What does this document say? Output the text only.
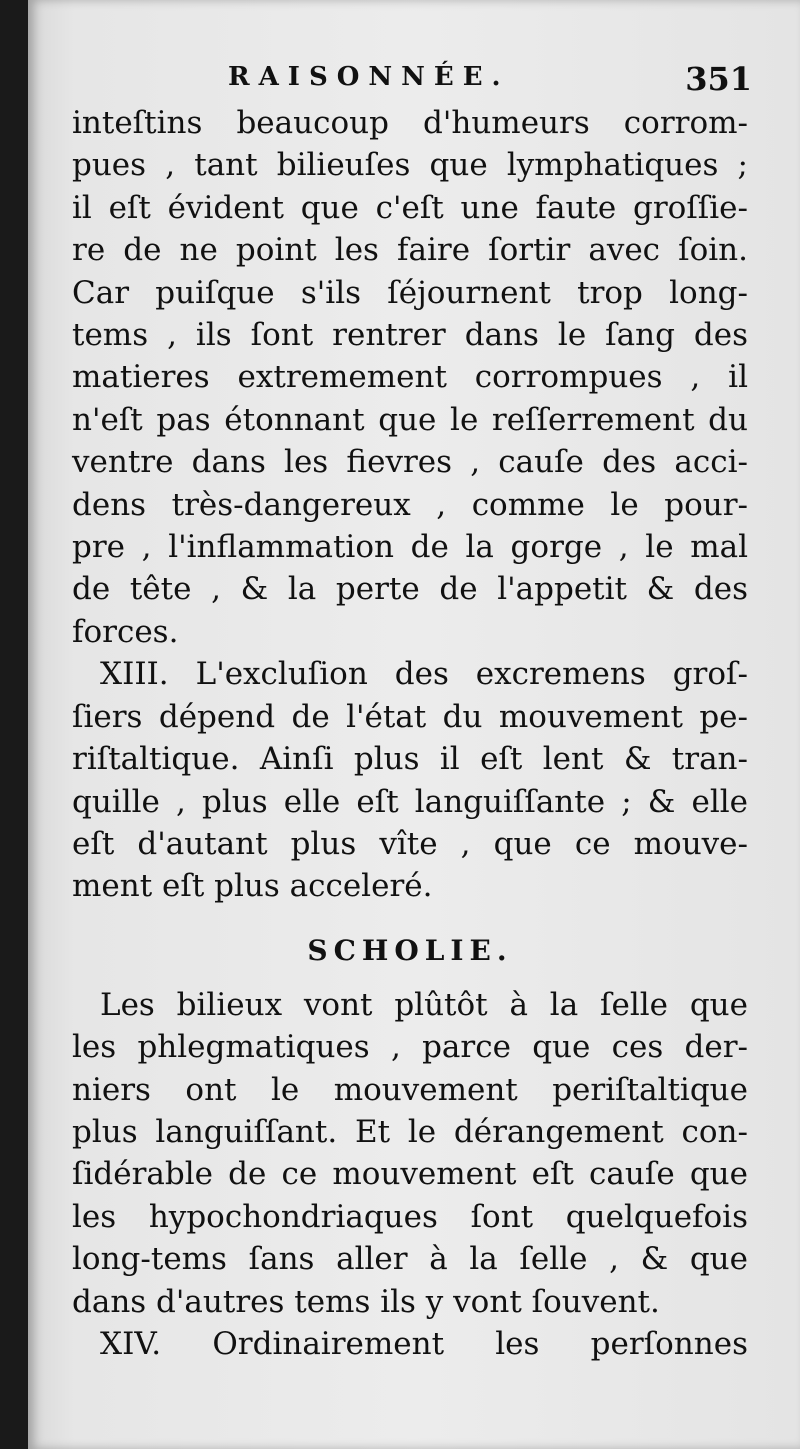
RAISONNÉE.	351
inteſtins beaucoup d'humeurs corrom-
pues , tant bilieuſes que lymphatiques ;
il eſt évident que c'eſt une faute groſſie-
re de ne point les faire ſortir avec ſoin.
Car puiſque s'ils ſéjournent trop long-
tems , ils ſont rentrer dans le ſang des
matieres extremement corrompues , il
n'eſt pas étonnant que le reſſerrement du
ventre dans les fievres , cauſe des acci-
dens très-dangereux , comme le pour-
pre , l'inflammation de la gorge , le mal
de tête , & la perte de l'appetit & des
forces.
XIII. L'excluſion des excremens groſ-
ſiers dépend de l'état du mouvement pe-
riſtaltique. Ainſi plus il eſt lent & tran-
quille , plus elle eſt languiſſante ; & elle
eſt d'autant plus vîte , que ce mouve-
ment eſt plus acceleré.
SCHOLIE.
Les bilieux vont plûtôt à la ſelle que
les phlegmatiques , parce que ces der-
niers ont le mouvement periſtaltique
plus languiſſant. Et le dérangement con-
ſidérable de ce mouvement eſt cauſe que
les hypochondriaques ſont quelquefois
long-tems ſans aller à la ſelle , & que
dans d'autres tems ils y vont ſouvent.
XIV. Ordinairement les perſonnes
